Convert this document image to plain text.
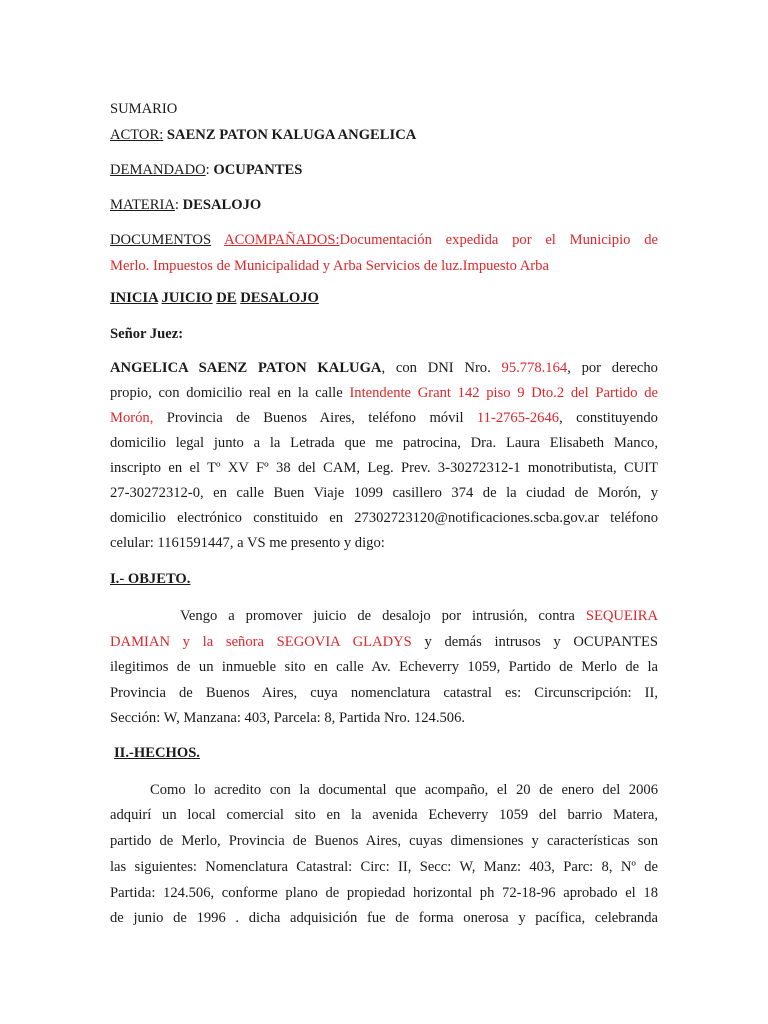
SUMARIO
ACTOR: SAENZ PATON KALUGA ANGELICA
DEMANDADO: OCUPANTES
MATERIA: DESALOJO
DOCUMENTOS ACOMPAÑADOS:Documentación expedida por el Municipio de
Merlo. Impuestos de Municipalidad y Arba Servicios de luz.Impuesto Arba
INICIA JUICIO DE DESALOJO
Señor Juez:
ANGELICA SAENZ PATON KALUGA, con DNI Nro. 95.778.164, por derecho
propio, con domicilio real en la calle Intendente Grant 142 piso 9 Dto.2 del Partido de
Morón, Provincia de Buenos Aires, teléfono móvil 11-2765-2646, constituyendo
domicilio legal junto a la Letrada que me patrocina, Dra. Laura Elisabeth Manco,
inscripto en el Tº XV Fº 38 del CAM, Leg. Prev. 3-30272312-1 monotributista, CUIT
27-30272312-0, en calle Buen Viaje 1099 casillero 374 de la ciudad de Morón, y
domicilio electrónico constituido en 27302723120@notificaciones.scba.gov.ar teléfono
celular: 1161591447, a VS me presento y digo:
I.- OBJETO.
Vengo a promover juicio de desalojo por intrusión, contra SEQUEIRA
DAMIAN y la señora SEGOVIA GLADYS y demás intrusos y OCUPANTES
ilegitimos de un inmueble sito en calle Av. Echeverry 1059, Partido de Merlo de la
Provincia de Buenos Aires, cuya nomenclatura catastral es: Circunscripción: II,
Sección: W, Manzana: 403, Parcela: 8, Partida Nro. 124.506.
II.-HECHOS.
Como lo acredito con la documental que acompaño, el 20 de enero del 2006
adquirí un local comercial sito en la avenida Echeverry 1059 del barrio Matera,
partido de Merlo, Provincia de Buenos Aires, cuyas dimensiones y características son
las siguientes: Nomenclatura Catastral: Circ: II, Secc: W, Manz: 403, Parc: 8, Nº de
Partida: 124.506, conforme plano de propiedad horizontal ph 72-18-96 aprobado el 18
de junio de 1996 . dicha adquisición fue de forma onerosa y pacífica, celebranda
